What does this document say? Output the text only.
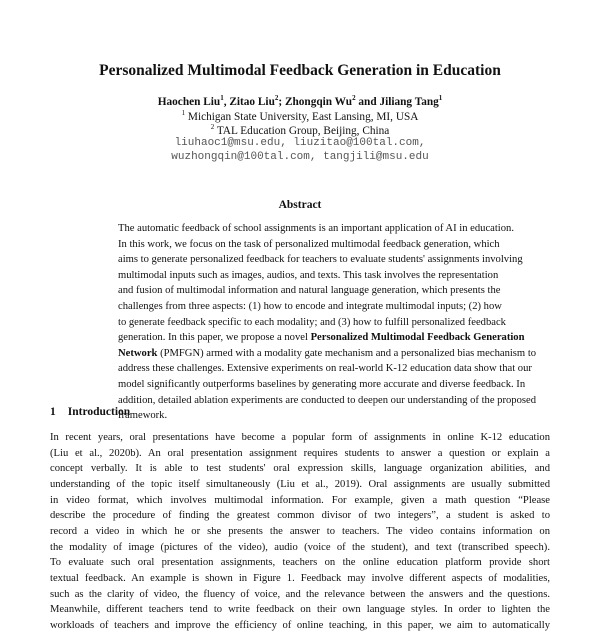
Personalized Multimodal Feedback Generation in Education
Haochen Liu$^1$, Zitao Liu$^2$; Zhongqin Wu$^2$ and Jiliang Tang$^1$
$^1$ Michigan State University, East Lansing, MI, USA
$^2$ TAL Education Group, Beijing, China
liuhaoc1@msu.edu, liuzitao@100tal.com,
wuzhongqin@100tal.com, tangjili@msu.edu
Abstract
The automatic feedback of school assignments is an important application of AI in education.
In this work, we focus on the task of personalized multimodal feedback generation, which
aims to generate personalized feedback for teachers to evaluate students' assignments involving
multimodal inputs such as images, audios, and texts. This task involves the representation
and fusion of multimodal information and natural language generation, which presents the
challenges from three aspects: (1) how to encode and integrate multimodal inputs; (2) how
to generate feedback specific to each modality; and (3) how to fulfill personalized feedback
generation. In this paper, we propose a novel Personalized Multimodal Feedback Generation
Network (PMFGN) armed with a modality gate mechanism and a personalized bias mechanism to
address these challenges. Extensive experiments on real-world K-12 education data show that our
model significantly outperforms baselines by generating more accurate and diverse feedback. In
addition, detailed ablation experiments are conducted to deepen our understanding of the proposed
framework.
1 Introduction
In recent years, oral presentations have become a popular form of assignments in online K-12 education
(Liu et al., 2020b). An oral presentation assignment requires students to answer a question or explain a
concept verbally. It is able to test students' oral expression skills, language organization abilities, and
understanding of the topic itself simultaneously (Liu et al., 2019). Oral assignments are usually submitted
in video format, which involves multimodal information. For example, given a math question “Please
describe the procedure of finding the greatest common divisor of two integers”, a student is asked to
record a video in which he or she presents the answer to teachers. The video contains information on
the modality of image (pictures of the video), audio (voice of the student), and text (transcribed speech).
To evaluate such oral presentation assignments, teachers on the online education platform provide short
textual feedback. An example is shown in Figure 1. Feedback may involve different aspects of modalities,
such as the clarity of video, the fluency of voice, and the relevance between the answers and the questions.
Meanwhile, different teachers tend to write feedback on their own language styles. In order to lighten the
workloads of teachers and improve the efficiency of online teaching, in this paper, we aim to automatically
